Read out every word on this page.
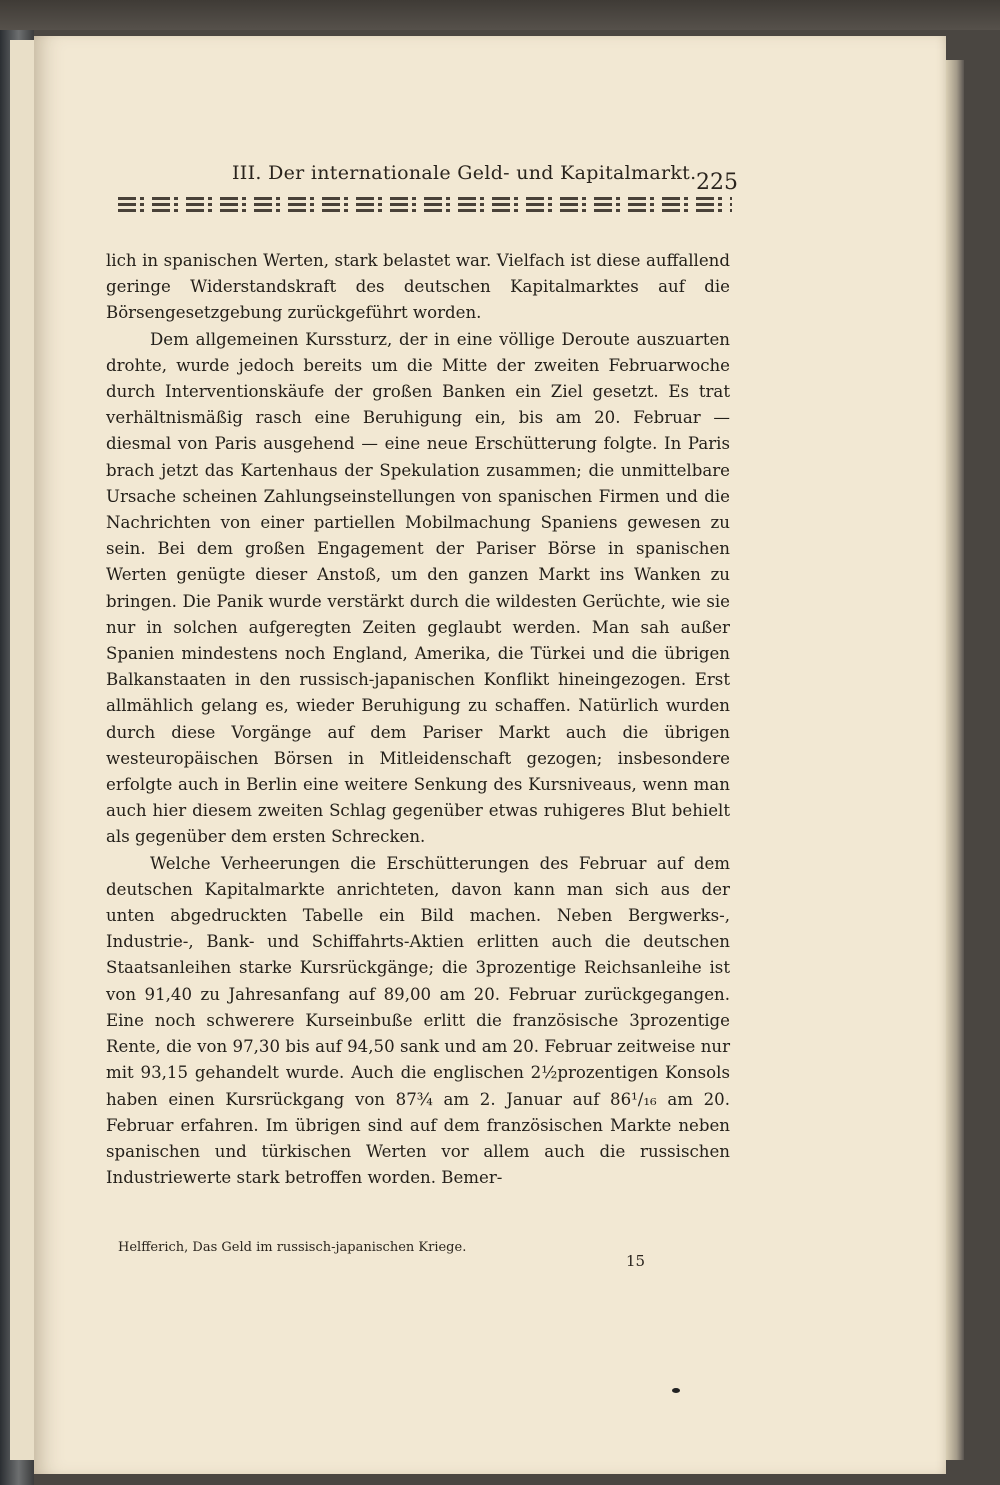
III. Der internationale Geld- und Kapitalmarkt. 225

lich in spanischen Werten, stark belastet war. Vielfach ist diese auffallend geringe Widerstandskraft des deutschen Kapitalmarktes auf die Börsengesetzgebung zurückgeführt worden.

Dem allgemeinen Kurssturz, der in eine völlige Deroute auszuarten drohte, wurde jedoch bereits um die Mitte der zweiten Februarwoche durch Interventionskäufe der großen Banken ein Ziel gesetzt. Es trat verhältnismäßig rasch eine Beruhigung ein, bis am 20. Februar — diesmal von Paris ausgehend — eine neue Erschütterung folgte. In Paris brach jetzt das Kartenhaus der Spekulation zusammen; die unmittelbare Ursache scheinen Zahlungseinstellungen von spanischen Firmen und die Nachrichten von einer partiellen Mobilmachung Spaniens gewesen zu sein. Bei dem großen Engagement der Pariser Börse in spanischen Werten genügte dieser Anstoß, um den ganzen Markt ins Wanken zu bringen. Die Panik wurde verstärkt durch die wildesten Gerüchte, wie sie nur in solchen aufgeregten Zeiten geglaubt werden. Man sah außer Spanien mindestens noch England, Amerika, die Türkei und die übrigen Balkanstaaten in den russisch-japanischen Konflikt hineingezogen. Erst allmählich gelang es, wieder Beruhigung zu schaffen. Natürlich wurden durch diese Vorgänge auf dem Pariser Markt auch die übrigen westeuropäischen Börsen in Mitleidenschaft gezogen; insbesondere erfolgte auch in Berlin eine weitere Senkung des Kursniveaus, wenn man auch hier diesem zweiten Schlag gegenüber etwas ruhigeres Blut behielt als gegenüber dem ersten Schrecken.

Welche Verheerungen die Erschütterungen des Februar auf dem deutschen Kapitalmarkte anrichteten, davon kann man sich aus der unten abgedruckten Tabelle ein Bild machen. Neben Bergwerks-, Industrie-, Bank- und Schiffahrts-Aktien erlitten auch die deutschen Staatsanleihen starke Kursrückgänge; die 3prozentige Reichsanleihe ist von 91,40 zu Jahresanfang auf 89,00 am 20. Februar zurückgegangen. Eine noch schwerere Kurseinbuße erlitt die französische 3prozentige Rente, die von 97,30 bis auf 94,50 sank und am 20. Februar zeitweise nur mit 93,15 gehandelt wurde. Auch die englischen 2½prozentigen Konsols haben einen Kursrückgang von 87¾ am 2. Januar auf 86¹/₁₆ am 20. Februar erfahren. Im übrigen sind auf dem französischen Markte neben spanischen und türkischen Werten vor allem auch die russischen Industriewerte stark betroffen worden. Bemer-

Helfferich, Das Geld im russisch-japanischen Kriege.
15
